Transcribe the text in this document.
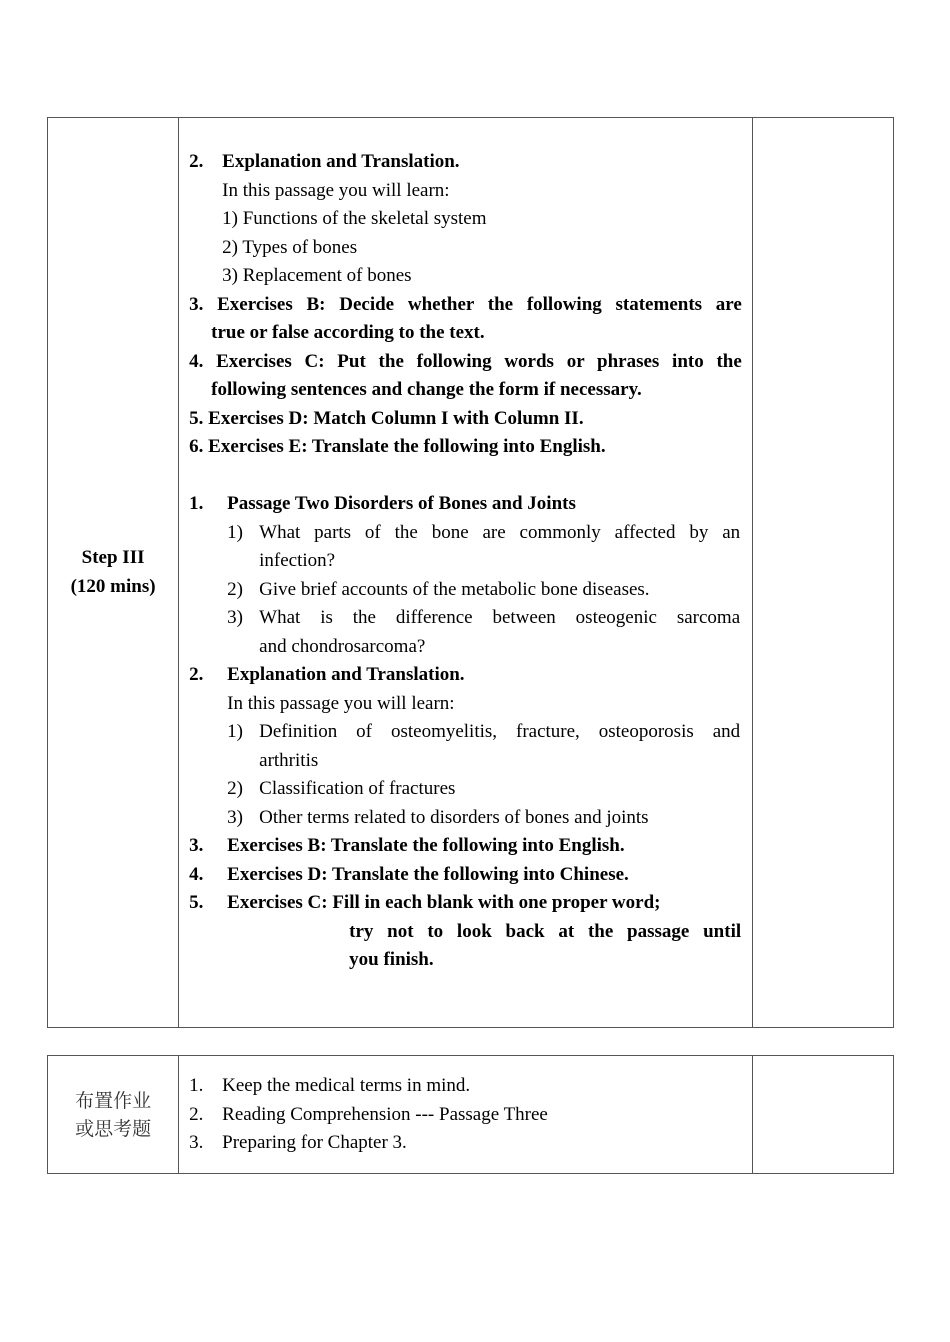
Step III
(120 mins)

2. Explanation and Translation.
In this passage you will learn:
1) Functions of the skeletal system
2) Types of bones
3) Replacement of bones
3. Exercises B: Decide whether the following statements are
true or false according to the text.
4. Exercises C: Put the following words or phrases into the
following sentences and change the form if necessary.
5. Exercises D: Match Column I with Column II.
6. Exercises E: Translate the following into English.
1. Passage Two Disorders of Bones and Joints
1) What parts of the bone are commonly affected by an
infection?
2) Give brief accounts of the metabolic bone diseases.
3) What is the difference between osteogenic sarcoma
and chondrosarcoma?
2. Explanation and Translation.
In this passage you will learn:
1) Definition of osteomyelitis, fracture, osteoporosis and
arthritis
2) Classification of fractures
3) Other terms related to disorders of bones and joints
3. Exercises B: Translate the following into English.
4. Exercises D: Translate the following into Chinese.
5. Exercises C: Fill in each blank with one proper word;
try not to look back at the passage until
you finish.

布置作业
或思考题

1. Keep the medical terms in mind.
2. Reading Comprehension --- Passage Three
3. Preparing for Chapter 3.
